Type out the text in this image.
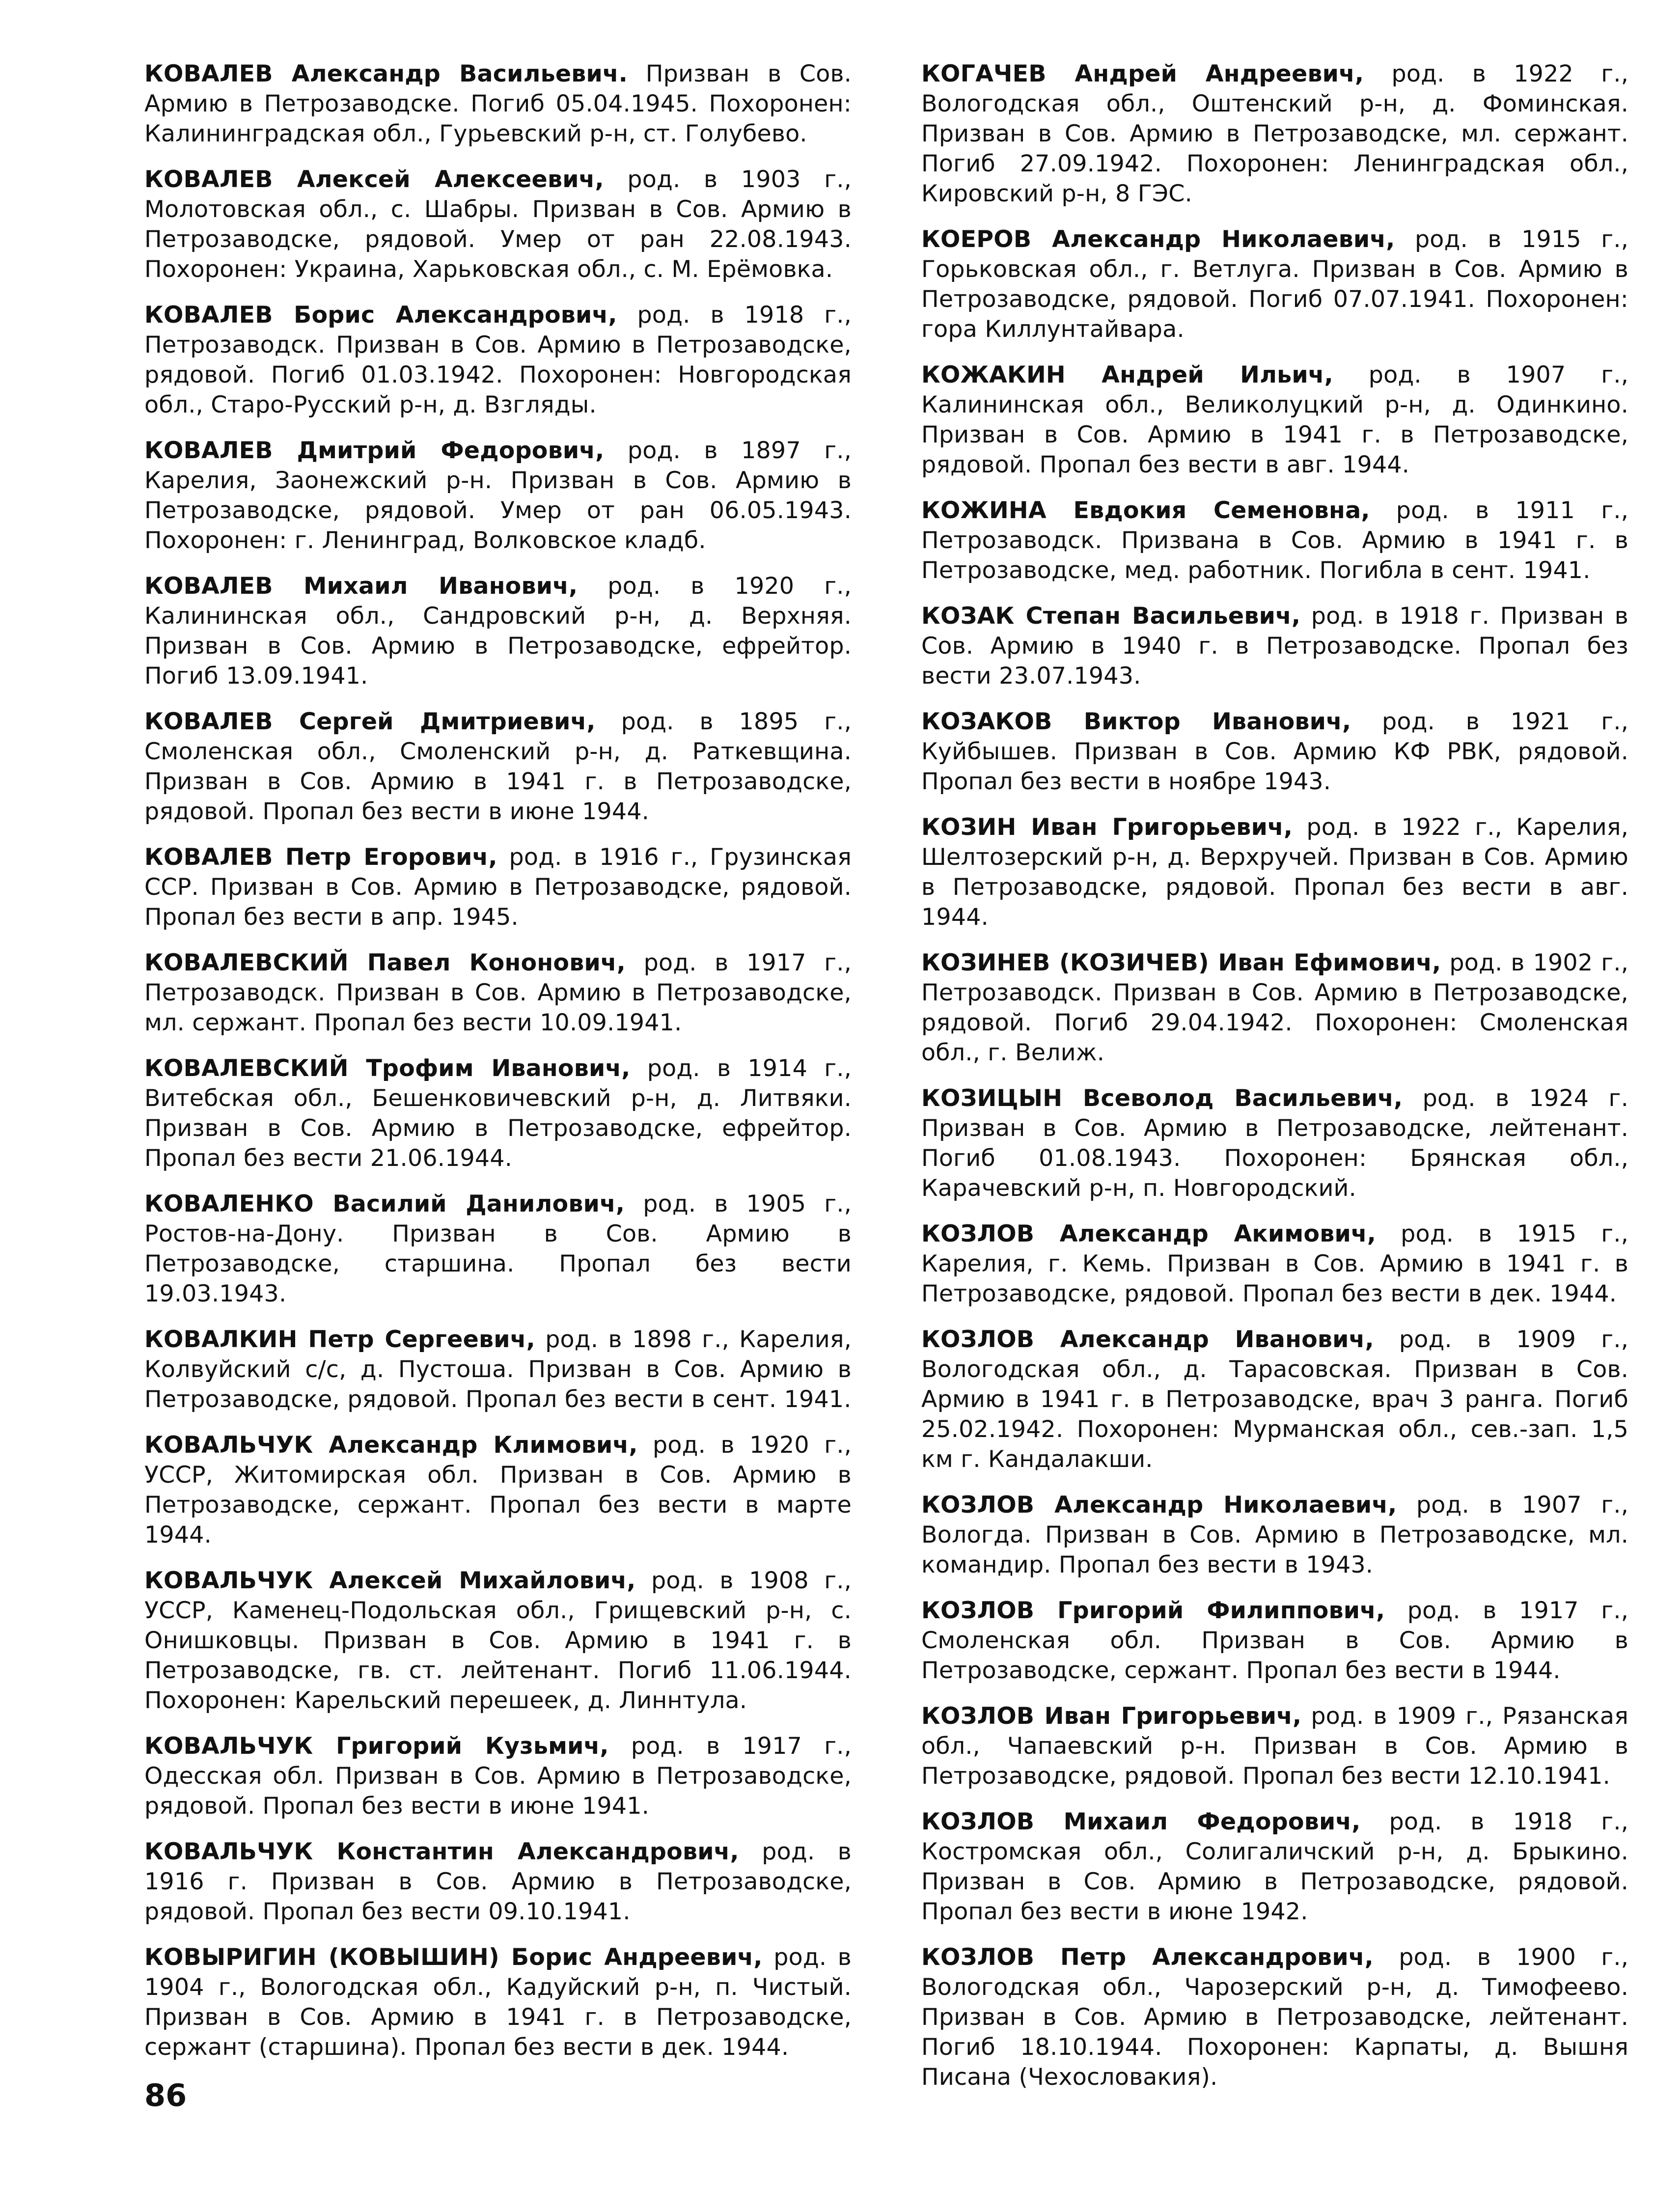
КОВАЛЕВ Александр Васильевич. Призван в Сов. Армию в Петрозаводске. Погиб 05.04.1945. Похоронен: Калининградская обл., Гурьевский р-н, ст. Голубево.

КОВАЛЕВ Алексей Алексеевич, род. в 1903 г., Молотовская обл., с. Шабры. Призван в Сов. Армию в Петрозаводске, рядовой. Умер от ран 22.08.1943. Похоронен: Украина, Харьковская обл., с. М. Ерёмовка.

КОВАЛЕВ Борис Александрович, род. в 1918 г., Петрозаводск. Призван в Сов. Армию в Петрозаводске, рядовой. Погиб 01.03.1942. Похоронен: Новгородская обл., Старо-Русский р-н, д. Взгляды.

КОВАЛЕВ Дмитрий Федорович, род. в 1897 г., Карелия, Заонежский р-н. Призван в Сов. Армию в Петрозаводске, рядовой. Умер от ран 06.05.1943. Похоронен: г. Ленинград, Волковское кладб.

КОВАЛЕВ Михаил Иванович, род. в 1920 г., Калининская обл., Сандровский р-н, д. Верхняя. Призван в Сов. Армию в Петрозаводске, ефрейтор. Погиб 13.09.1941.

КОВАЛЕВ Сергей Дмитриевич, род. в 1895 г., Смоленская обл., Смоленский р-н, д. Раткевщина. Призван в Сов. Армию в 1941 г. в Петрозаводске, рядовой. Пропал без вести в июне 1944.

КОВАЛЕВ Петр Егорович, род. в 1916 г., Грузинская ССР. Призван в Сов. Армию в Петрозаводске, рядовой. Пропал без вести в апр. 1945.

КОВАЛЕВСКИЙ Павел Кононович, род. в 1917 г., Петрозаводск. Призван в Сов. Армию в Петрозаводске, мл. сержант. Пропал без вести 10.09.1941.

КОВАЛЕВСКИЙ Трофим Иванович, род. в 1914 г., Витебская обл., Бешенковичевский р-н, д. Литвяки. Призван в Сов. Армию в Петрозаводске, ефрейтор. Пропал без вести 21.06.1944.

КОВАЛЕНКО Василий Данилович, род. в 1905 г., Ростов-на-Дону. Призван в Сов. Армию в Петрозаводске, старшина. Пропал без вести 19.03.1943.

КОВАЛКИН Петр Сергеевич, род. в 1898 г., Карелия, Колвуйский с/с, д. Пустоша. Призван в Сов. Армию в Петрозаводске, рядовой. Пропал без вести в сент. 1941.

КОВАЛЬЧУК Александр Климович, род. в 1920 г., УССР, Житомирская обл. Призван в Сов. Армию в Петрозаводске, сержант. Пропал без вести в марте 1944.

КОВАЛЬЧУК Алексей Михайлович, род. в 1908 г., УССР, Каменец-Подольская обл., Грищевский р-н, с. Онишковцы. Призван в Сов. Армию в 1941 г. в Петрозаводске, гв. ст. лейтенант. Погиб 11.06.1944. Похоронен: Карельский перешеек, д. Линнтула.

КОВАЛЬЧУК Григорий Кузьмич, род. в 1917 г., Одесская обл. Призван в Сов. Армию в Петрозаводске, рядовой. Пропал без вести в июне 1941.

КОВАЛЬЧУК Константин Александрович, род. в 1916 г. Призван в Сов. Армию в Петрозаводске, рядовой. Пропал без вести 09.10.1941.

КОВЫРИГИН (КОВЫШИН) Борис Андреевич, род. в 1904 г., Вологодская обл., Кадуйский р-н, п. Чистый. Призван в Сов. Армию в 1941 г. в Петрозаводске, сержант (старшина). Пропал без вести в дек. 1944.

КОГАЧЕВ Андрей Андреевич, род. в 1922 г., Вологодская обл., Оштенский р-н, д. Фоминская. Призван в Сов. Армию в Петрозаводске, мл. сержант. Погиб 27.09.1942. Похоронен: Ленинградская обл., Кировский р-н, 8 ГЭС.

КОЕРОВ Александр Николаевич, род. в 1915 г., Горьковская обл., г. Ветлуга. Призван в Сов. Армию в Петрозаводске, рядовой. Погиб 07.07.1941. Похоронен: гора Киллунтайвара.

КОЖАКИН Андрей Ильич, род. в 1907 г., Калининская обл., Великолуцкий р-н, д. Одинкино. Призван в Сов. Армию в 1941 г. в Петрозаводске, рядовой. Пропал без вести в авг. 1944.

КОЖИНА Евдокия Семеновна, род. в 1911 г., Петрозаводск. Призвана в Сов. Армию в 1941 г. в Петрозаводске, мед. работник. Погибла в сент. 1941.

КОЗАК Степан Васильевич, род. в 1918 г. Призван в Сов. Армию в 1940 г. в Петрозаводске. Пропал без вести 23.07.1943.

КОЗАКОВ Виктор Иванович, род. в 1921 г., Куйбышев. Призван в Сов. Армию КФ РВК, рядовой. Пропал без вести в ноябре 1943.

КОЗИН Иван Григорьевич, род. в 1922 г., Карелия, Шелтозерский р-н, д. Верхручей. Призван в Сов. Армию в Петрозаводске, рядовой. Пропал без вести в авг. 1944.

КОЗИНЕВ (КОЗИЧЕВ) Иван Ефимович, род. в 1902 г., Петрозаводск. Призван в Сов. Армию в Петрозаводске, рядовой. Погиб 29.04.1942. Похоронен: Смоленская обл., г. Велиж.

КОЗИЦЫН Всеволод Васильевич, род. в 1924 г. Призван в Сов. Армию в Петрозаводске, лейтенант. Погиб 01.08.1943. Похоронен: Брянская обл., Карачевский р-н, п. Новгородский.

КОЗЛОВ Александр Акимович, род. в 1915 г., Карелия, г. Кемь. Призван в Сов. Армию в 1941 г. в Петрозаводске, рядовой. Пропал без вести в дек. 1944.

КОЗЛОВ Александр Иванович, род. в 1909 г., Вологодская обл., д. Тарасовская. Призван в Сов. Армию в 1941 г. в Петрозаводске, врач 3 ранга. Погиб 25.02.1942. Похоронен: Мурманская обл., сев.-зап. 1,5 км г. Кандалакши.

КОЗЛОВ Александр Николаевич, род. в 1907 г., Вологда. Призван в Сов. Армию в Петрозаводске, мл. командир. Пропал без вести в 1943.

КОЗЛОВ Григорий Филиппович, род. в 1917 г., Смоленская обл. Призван в Сов. Армию в Петрозаводске, сержант. Пропал без вести в 1944.

КОЗЛОВ Иван Григорьевич, род. в 1909 г., Рязанская обл., Чапаевский р-н. Призван в Сов. Армию в Петрозаводске, рядовой. Пропал без вести 12.10.1941.

КОЗЛОВ Михаил Федорович, род. в 1918 г., Костромская обл., Солигаличский р-н, д. Брыкино. Призван в Сов. Армию в Петрозаводске, рядовой. Пропал без вести в июне 1942.

КОЗЛОВ Петр Александрович, род. в 1900 г., Вологодская обл., Чарозерский р-н, д. Тимофеево. Призван в Сов. Армию в Петрозаводске, лейтенант. Погиб 18.10.1944. Похоронен: Карпаты, д. Вышня Писана (Чехословакия).

86
